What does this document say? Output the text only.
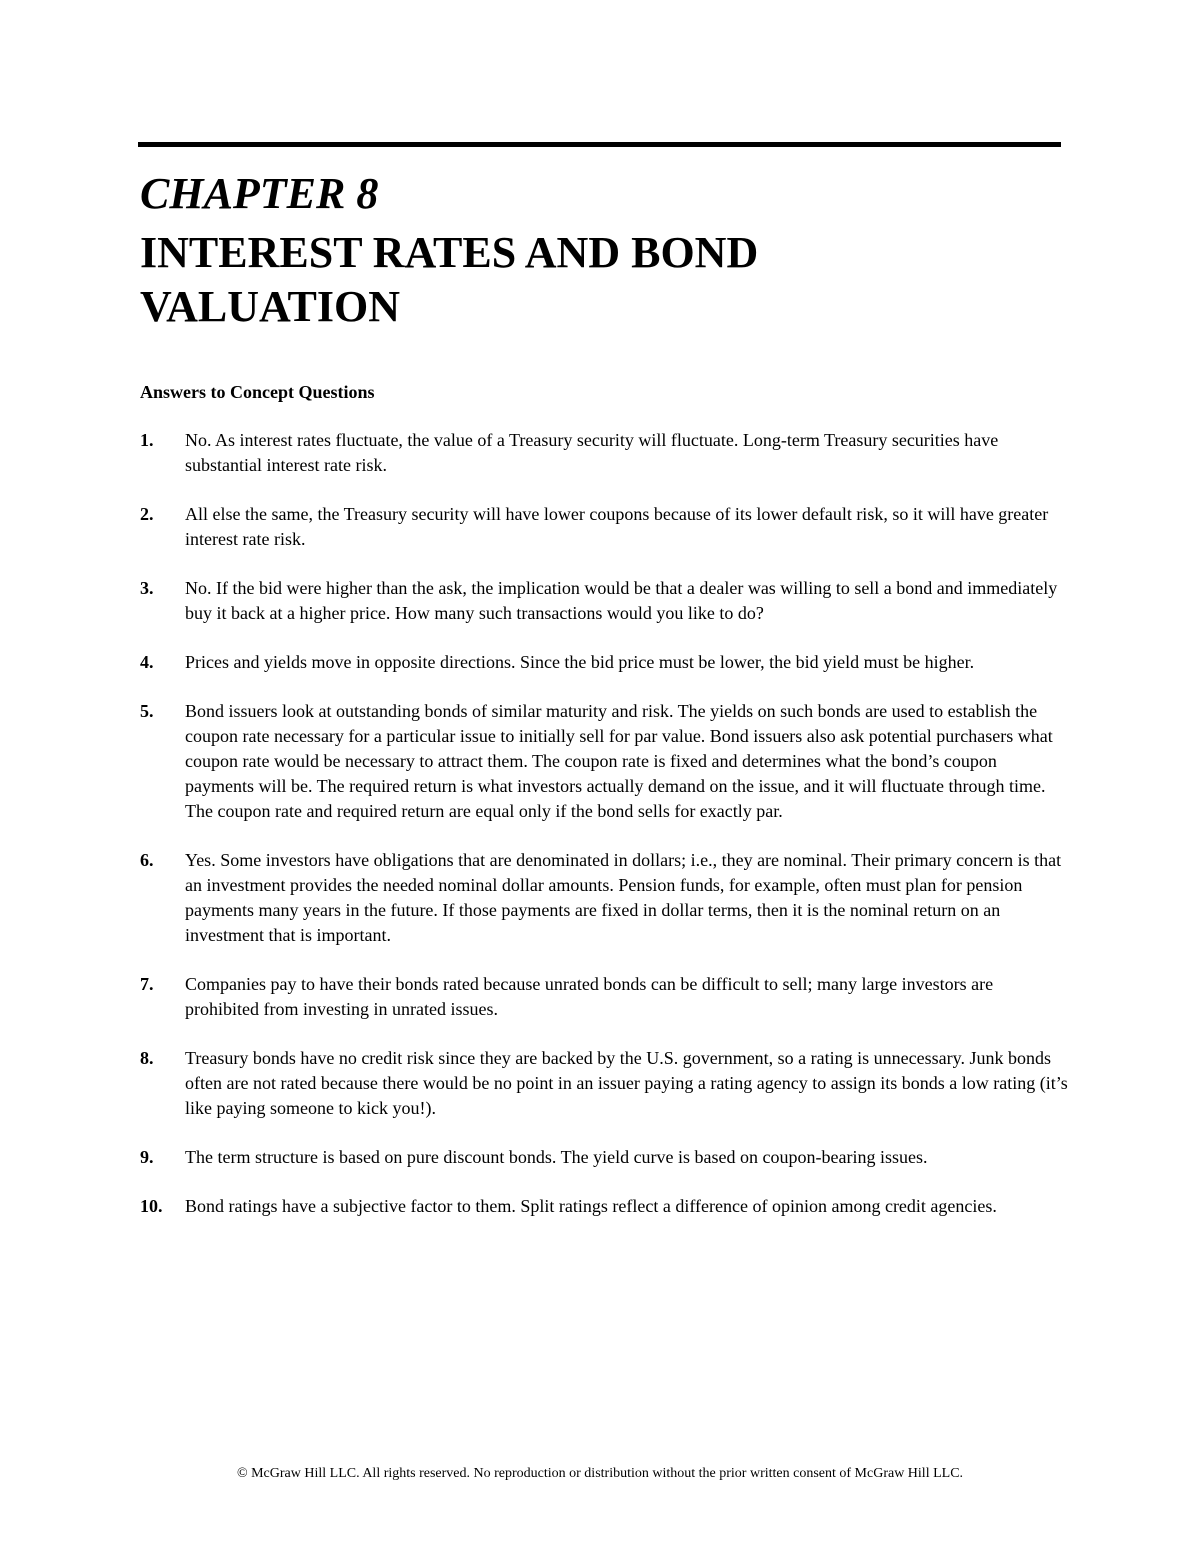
CHAPTER 8
INTEREST RATES AND BOND
VALUATION
Answers to Concept Questions
1.	No. As interest rates fluctuate, the value of a Treasury security will fluctuate. Long-term Treasury securities have substantial interest rate risk.
2.	All else the same, the Treasury security will have lower coupons because of its lower default risk, so it will have greater interest rate risk.
3.	No. If the bid were higher than the ask, the implication would be that a dealer was willing to sell a bond and immediately buy it back at a higher price. How many such transactions would you like to do?
4.	Prices and yields move in opposite directions. Since the bid price must be lower, the bid yield must be higher.
5.	Bond issuers look at outstanding bonds of similar maturity and risk. The yields on such bonds are used to establish the coupon rate necessary for a particular issue to initially sell for par value. Bond issuers also ask potential purchasers what coupon rate would be necessary to attract them. The coupon rate is fixed and determines what the bond’s coupon payments will be. The required return is what investors actually demand on the issue, and it will fluctuate through time. The coupon rate and required return are equal only if the bond sells for exactly par.
6.	Yes. Some investors have obligations that are denominated in dollars; i.e., they are nominal. Their primary concern is that an investment provides the needed nominal dollar amounts. Pension funds, for example, often must plan for pension payments many years in the future. If those payments are fixed in dollar terms, then it is the nominal return on an investment that is important.
7.	Companies pay to have their bonds rated because unrated bonds can be difficult to sell; many large investors are prohibited from investing in unrated issues.
8.	Treasury bonds have no credit risk since they are backed by the U.S. government, so a rating is unnecessary. Junk bonds often are not rated because there would be no point in an issuer paying a rating agency to assign its bonds a low rating (it’s like paying someone to kick you!).
9.	The term structure is based on pure discount bonds. The yield curve is based on coupon-bearing issues.
10.	Bond ratings have a subjective factor to them. Split ratings reflect a difference of opinion among credit agencies.
© McGraw Hill LLC. All rights reserved. No reproduction or distribution without the prior written consent of McGraw Hill LLC.
